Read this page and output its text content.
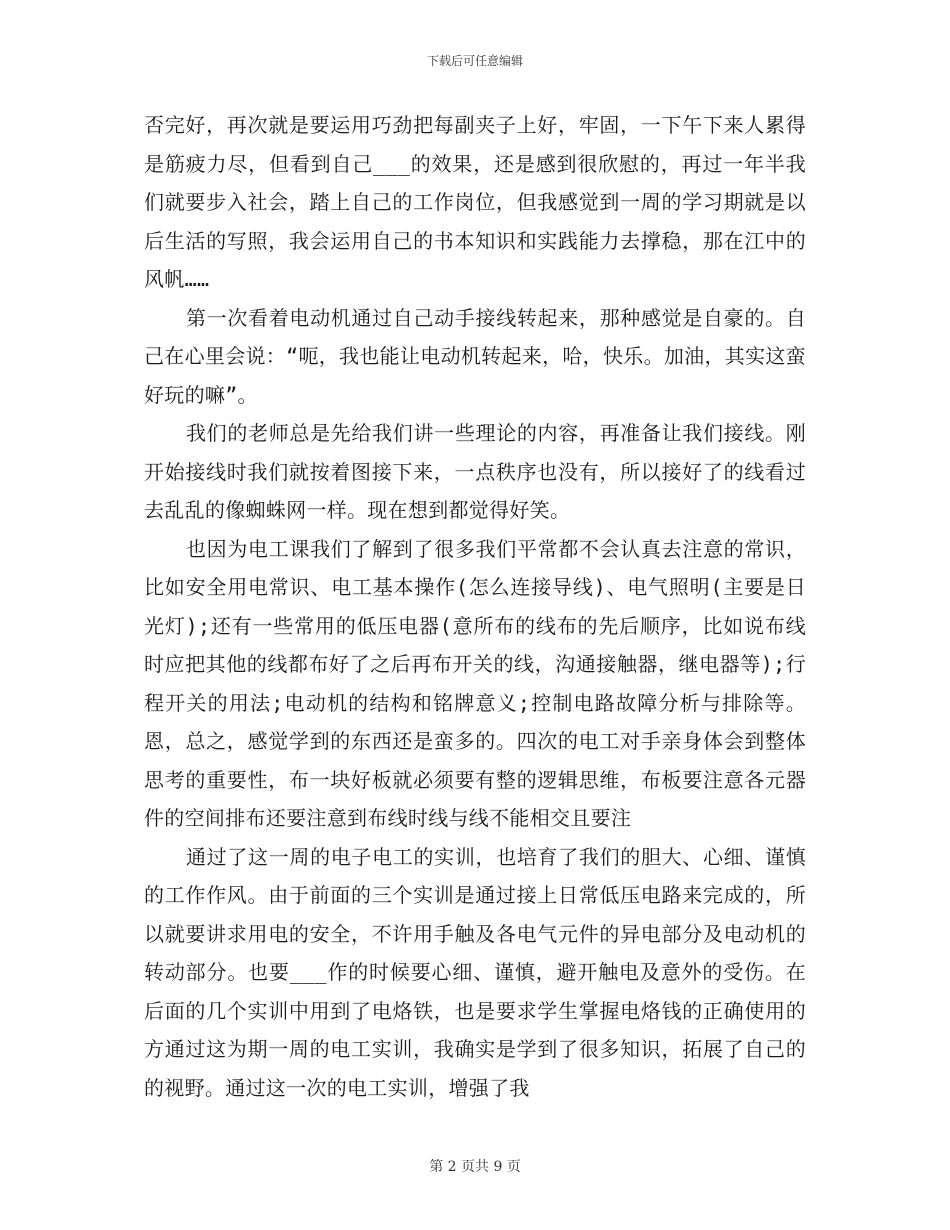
下载后可任意编辑

否完好，再次就是要运用巧劲把每副夹子上好，牢固，一下午下来人累得是筋疲力尽，但看到自己___的效果，还是感到很欣慰的，再过一年半我们就要步入社会，踏上自己的工作岗位，但我感觉到一周的学习期就是以后生活的写照，我会运用自己的书本知识和实践能力去撑稳，那在江中的风帆……

第一次看着电动机通过自己动手接线转起来，那种感觉是自豪的。自己在心里会说：“呃，我也能让电动机转起来，哈，快乐。加油，其实这蛮好玩的嘛”。

我们的老师总是先给我们讲一些理论的内容，再准备让我们接线。刚开始接线时我们就按着图接下来，一点秩序也没有，所以接好了的线看过去乱乱的像蜘蛛网一样。现在想到都觉得好笑。

也因为电工课我们了解到了很多我们平常都不会认真去注意的常识，比如安全用电常识、电工基本操作(怎么连接导线)、电气照明(主要是日光灯);还有一些常用的低压电器(意所布的线布的先后顺序，比如说布线时应把其他的线都布好了之后再布开关的线，沟通接触器，继电器等);行程开关的用法;电动机的结构和铭牌意义;控制电路故障分析与排除等。恩，总之，感觉学到的东西还是蛮多的。四次的电工对手亲身体会到整体思考的重要性，布一块好板就必须要有整的逻辑思维，布板要注意各元器件的空间排布还要注意到布线时线与线不能相交且要注

通过了这一周的电子电工的实训，也培育了我们的胆大、心细、谨慎的工作作风。由于前面的三个实训是通过接上日常低压电路来完成的，所以就要讲求用电的安全，不许用手触及各电气元件的异电部分及电动机的转动部分。也要___作的时候要心细、谨慎，避开触电及意外的受伤。在后面的几个实训中用到了电烙铁，也是要求学生掌握电烙钱的正确使用的方通过这为期一周的电工实训，我确实是学到了很多知识，拓展了自己的的视野。通过这一次的电工实训，增强了我

第 2 页共 9 页
